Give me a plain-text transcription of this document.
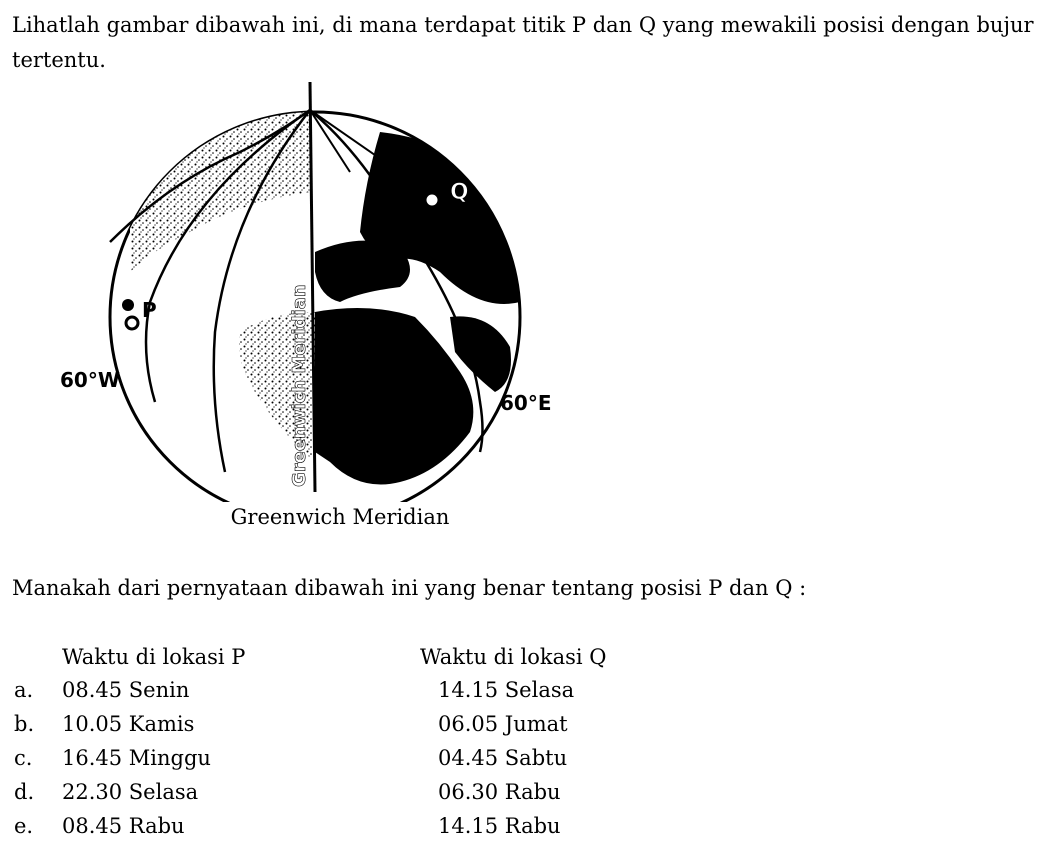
Lihatlah gambar dibawah ini, di mana terdapat titik P dan Q yang mewakili posisi dengan bujur tertentu.
Q
P
60°W
60°E
Greenwich Meridian
Greenwich Meridian
Manakah dari pernyataan dibawah ini yang benar tentang posisi P dan Q :
Waktu di lokasi P	Waktu di lokasi Q
a. 08.45 Senin	14.15 Selasa
b. 10.05 Kamis	06.05 Jumat
c. 16.45 Minggu	04.45 Sabtu
d. 22.30 Selasa	06.30 Rabu
e. 08.45 Rabu	14.15 Rabu
